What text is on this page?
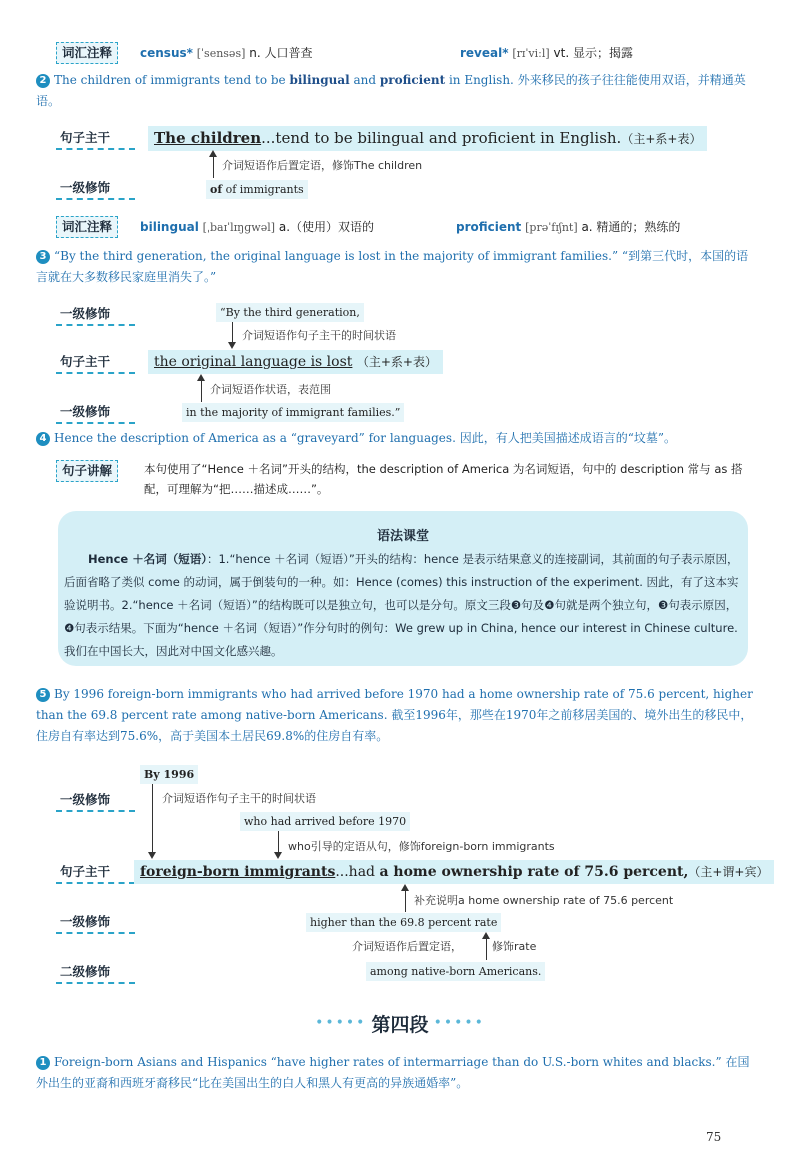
词汇注释	census* [ˈsensəs] n. 人口普查	reveal* [rɪˈviːl] vt. 显示；揭露
2 The children of immigrants tend to be bilingual and proficient in English. 外来移民的孩子往往能使用双语，并精通英语。
句子主干	The children...tend to be bilingual and proficient in English.（主+系+表）
介词短语作后置定语，修饰The children
一级修饰	of of immigrants
词汇注释	bilingual [ˌbaɪˈlɪŋɡwəl] a.（使用）双语的	proficient [prəˈfɪʃnt] a. 精通的；熟练的
3 “By the third generation, the original language is lost in the majority of immigrant families.” “到第三代时，本国的语言就在大多数移民家庭里消失了。”
一级修饰	“By the third generation,
介词短语作句子主干的时间状语
句子主干	the original language is lost （主+系+表）
介词短语作状语，表范围
一级修饰	in the majority of immigrant families.”
4 Hence the description of America as a “graveyard” for languages. 因此，有人把美国描述成语言的“坟墓”。
句子讲解	本句使用了“Hence ＋名词”开头的结构，the description of America 为名词短语，句中的 description 常与 as 搭配，可理解为“把……描述成……”。
语法课堂
Hence ＋名词（短语）：1.“hence ＋名词（短语）”开头的结构：hence 是表示结果意义的连接副词，其前面的句子表示原因，后面省略了类似 come 的动词，属于倒装句的一种。如：Hence (comes) this instruction of the experiment. 因此，有了这本实验说明书。2.“hence ＋名词（短语）”的结构既可以是独立句，也可以是分句。原文三段❸句及❹句就是两个独立句，❸句表示原因，❹句表示结果。下面为“hence ＋名词（短语）”作分句时的例句：We grew up in China, hence our interest in Chinese culture. 我们在中国长大，因此对中国文化感兴趣。
5 By 1996 foreign-born immigrants who had arrived before 1970 had a home ownership rate of 75.6 percent, higher than the 69.8 percent rate among native-born Americans. 截至1996年，那些在1970年之前移居美国的、境外出生的移民中，住房自有率达到75.6%，高于美国本土居民69.8%的住房自有率。
By 1996
一级修饰	介词短语作句子主干的时间状语
who had arrived before 1970
who引导的定语从句，修饰foreign-born immigrants
句子主干	foreign-born immigrants...had a home ownership rate of 75.6 percent,（主+谓+宾）
补充说明a home ownership rate of 75.6 percent
一级修饰	higher than the 69.8 percent rate
介词短语作后置定语，	修饰rate
二级修饰	among native-born Americans.
••••• 第四段 •••••
1 Foreign-born Asians and Hispanics “have higher rates of intermarriage than do U.S.-born whites and blacks.” 在国外出生的亚裔和西班牙裔移民“比在美国出生的白人和黑人有更高的异族通婚率”。
75
